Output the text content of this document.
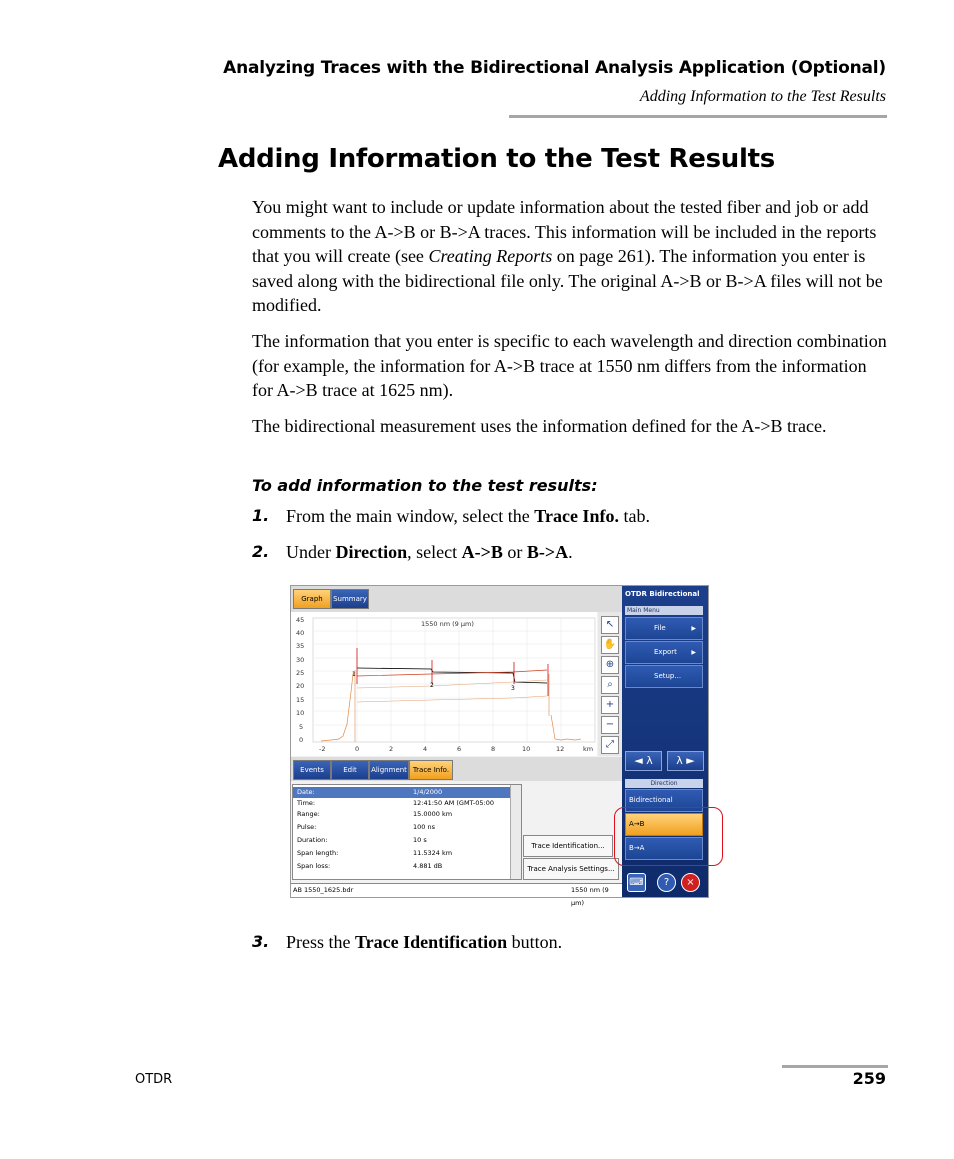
Analyzing Traces with the Bidirectional Analysis Application (Optional)
Adding Information to the Test Results
Adding Information to the Test Results

You might want to include or update information about the tested fiber and job or add comments to the A->B or B->A traces. This information will be included in the reports that you will create (see Creating Reports on page 261). The information you enter is saved along with the bidirectional file only. The original A->B or B->A files will not be modified.

The information that you enter is specific to each wavelength and direction combination (for example, the information for A->B trace at 1550 nm differs from the information for A->B trace at 1625 nm).

The bidirectional measurement uses the information defined for the A->B trace.

To add information to the test results:
1. From the main window, select the Trace Info. tab.
2. Under Direction, select A->B or B->A.
Graph	Summary
45
40
35
30
25
20
15
10
5
0
-2	0	2	4	6	8	10	12	km
1550 nm (9 µm)
1
2	3
↖
✋
⊕
⌕
+
−
⤢
Events	Edit	Alignment Trace Info.
Date:	1/4/2000
Time:	12:41:50 AM (GMT-05:00
Range:	15.0000 km
Pulse:	100 ns
Duration:	10 s
Span length:	11.5324 km
Span loss:	4.881 dB
Trace Identification...
Trace Analysis Settings...
AB 1550_1625.bdr	1550 nm (9 µm)
OTDR Bidirectional
Main Menu
File	▶
Export ▶
Setup...
◄ λ	λ ►
Direction
Bidirectional
A→B
B→A
⌨	?	×
3. Press the Trace Identification button.
OTDR	259
